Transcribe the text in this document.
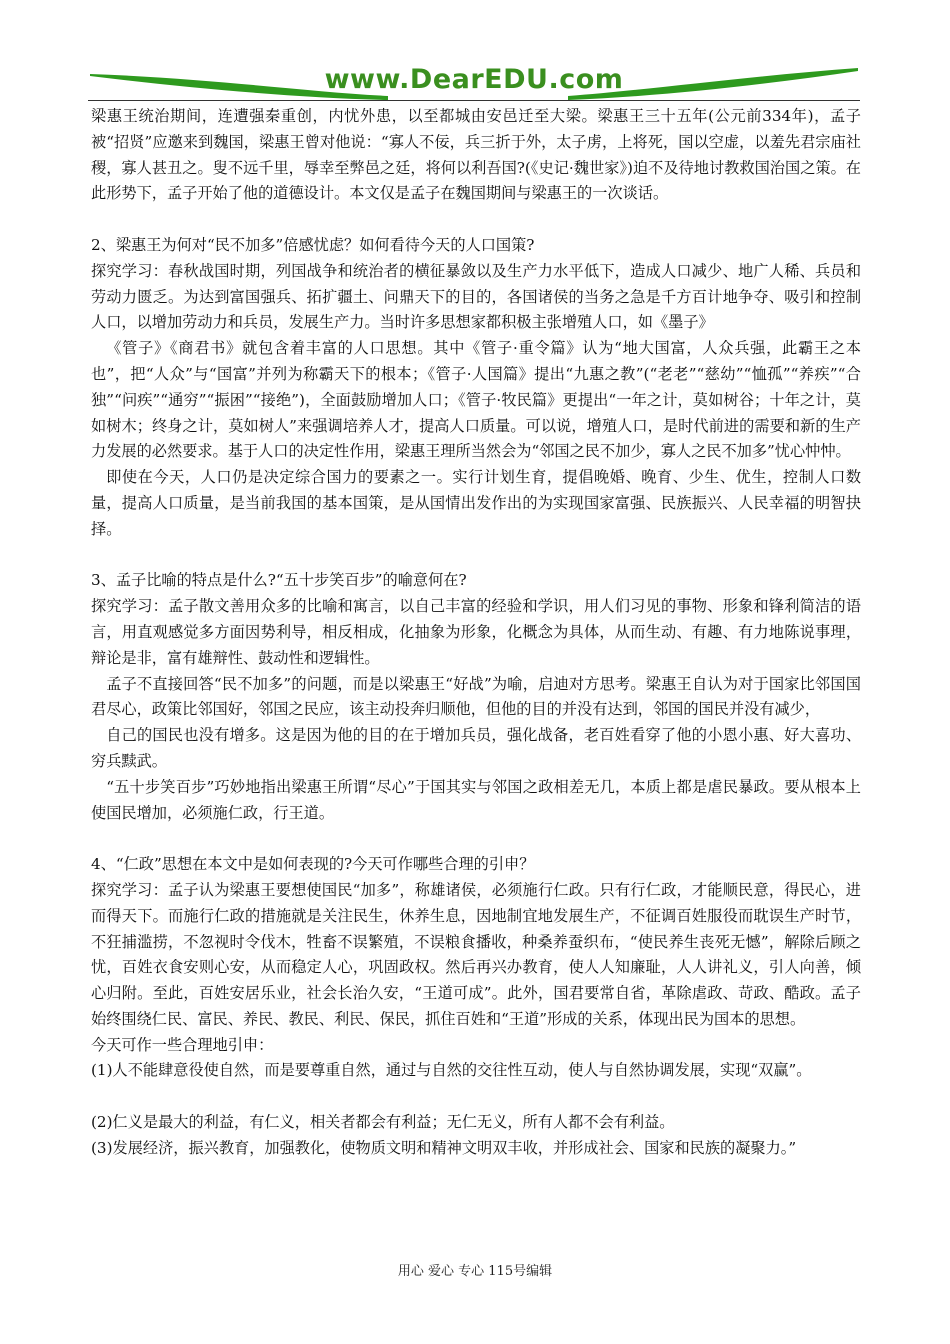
www.DearEDU.com

梁惠王统治期间，连遭强秦重创，内忧外患，以至都城由安邑迁至大梁。梁惠王三十五年(公元前334年)，孟子被“招贤”应邀来到魏国，梁惠王曾对他说：“寡人不佞，兵三折于外，太子虏，上将死，国以空虚，以羞先君宗庙社稷，寡人甚丑之。叟不远千里，辱幸至弊邑之廷，将何以利吾国?(《史记·魏世家》)迫不及待地讨教救国治国之策。在此形势下，孟子开始了他的道德设计。本文仅是孟子在魏国期间与梁惠王的一次谈话。

2、梁惠王为何对“民不加多”倍感忧虑？如何看待今天的人口国策?

探究学习：春秋战国时期，列国战争和统治者的横征暴敛以及生产力水平低下，造成人口减少、地广人稀、兵员和劳动力匮乏。为达到富国强兵、拓扩疆土、问鼎天下的目的，各国诸侯的当务之急是千方百计地争夺、吸引和控制人口，以增加劳动力和兵员，发展生产力。当时许多思想家都积极主张增殖人口，如《墨子》

《管子》《商君书》就包含着丰富的人口思想。其中《管子·重令篇》认为“地大国富，人众兵强，此霸王之本也”，把“人众”与“国富”并列为称霸天下的根本；《管子·人国篇》提出“九惠之教”(“老老”“慈幼”“恤孤”“养疾”“合独”“问疾”“通穷”“振困”“接绝”)，全面鼓励增加人口；《管子·牧民篇》更提出“一年之计，莫如树谷；十年之计，莫如树木；终身之计，莫如树人”来强调培养人才，提高人口质量。可以说，增殖人口，是时代前进的需要和新的生产力发展的必然要求。基于人口的决定性作用，梁惠王理所当然会为“邻国之民不加少，寡人之民不加多”忧心忡忡。

即使在今天，人口仍是决定综合国力的要素之一。实行计划生育，提倡晚婚、晚育、少生、优生，控制人口数量，提高人口质量，是当前我国的基本国策，是从国情出发作出的为实现国家富强、民族振兴、人民幸福的明智抉择。

3、孟子比喻的特点是什么?“五十步笑百步”的喻意何在?

探究学习：孟子散文善用众多的比喻和寓言，以自己丰富的经验和学识，用人们习见的事物、形象和锋利简洁的语言，用直观感觉多方面因势利导，相反相成，化抽象为形象，化概念为具体，从而生动、有趣、有力地陈说事理，辩论是非，富有雄辩性、鼓动性和逻辑性。

孟子不直接回答“民不加多”的问题，而是以梁惠王“好战”为喻，启迪对方思考。梁惠王自认为对于国家比邻国国君尽心，政策比邻国好，邻国之民应，该主动投奔归顺他，但他的目的并没有达到，邻国的国民并没有减少，

自己的国民也没有增多。这是因为他的目的在于增加兵员，强化战备，老百姓看穿了他的小恩小惠、好大喜功、穷兵黩武。

“五十步笑百步”巧妙地指出梁惠王所谓“尽心”于国其实与邻国之政相差无几，本质上都是虐民暴政。要从根本上使国民增加，必须施仁政，行王道。

4、“仁政”思想在本文中是如何表现的?今天可作哪些合理的引申？

探究学习：孟子认为梁惠王要想使国民“加多”，称雄诸侯，必须施行仁政。只有行仁政，才能顺民意，得民心，进而得天下。而施行仁政的措施就是关注民生，休养生息，因地制宜地发展生产，不征调百姓服役而耽误生产时节，不狂捕滥捞，不忽视时令伐木，牲畜不误繁殖，不误粮食播收，种桑养蚕织布，“使民养生丧死无憾”，解除后顾之忧，百姓衣食安则心安，从而稳定人心，巩固政权。然后再兴办教育，使人人知廉耻，人人讲礼义，引人向善，倾心归附。至此，百姓安居乐业，社会长治久安，“王道可成”。此外，国君要常自省，革除虐政、苛政、酷政。孟子始终围绕仁民、富民、养民、教民、利民、保民，抓住百姓和“王道”形成的关系，体现出民为国本的思想。

今天可作一些合理地引申：

(1)人不能肆意役使自然，而是要尊重自然，通过与自然的交往性互动，使人与自然协调发展，实现“双赢”。

(2)仁义是最大的利益，有仁义，相关者都会有利益；无仁无义，所有人都不会有利益。

(3)发展经济，振兴教育，加强教化，使物质文明和精神文明双丰收，并形成社会、国家和民族的凝聚力。”

用心 爱心 专心 115号编辑
